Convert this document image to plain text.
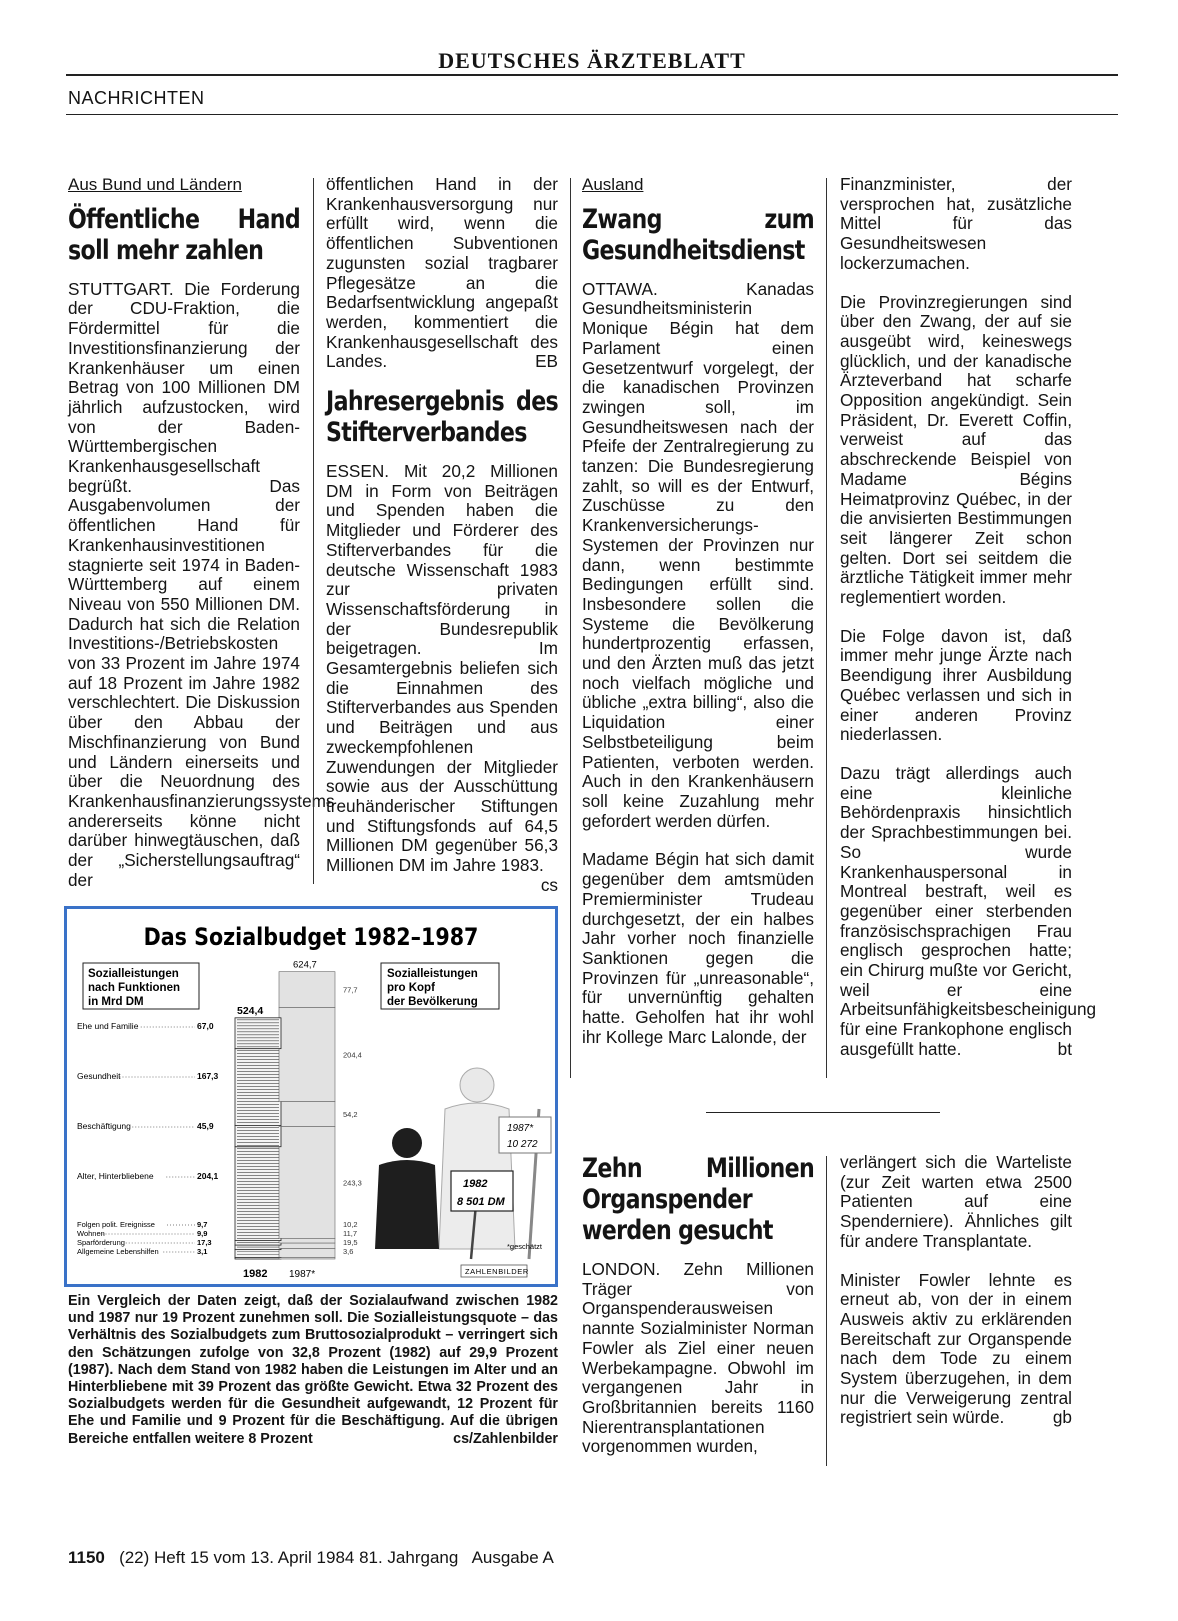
DEUTSCHES ÄRZTEBLATT
NACHRICHTEN
Aus Bund und Ländern
Öffentliche Hand soll mehr zahlen

STUTTGART. Die Forderung der CDU-Fraktion, die Fördermittel für die Investitionsfinanzierung der Krankenhäuser um einen Betrag von 100 Millionen DM jährlich aufzustocken, wird von der Baden-Württembergischen Krankenhausgesellschaft begrüßt. Das Ausgabenvolumen der öffentlichen Hand für Krankenhausinvestitionen stagnierte seit 1974 in Baden-Württemberg auf einem Niveau von 550 Millionen DM. Dadurch hat sich die Relation Investitions-/Betriebskosten von 33 Prozent im Jahre 1974 auf 18 Prozent im Jahre 1982 verschlechtert. Die Diskussion über den Abbau der Mischfinanzierung von Bund und Ländern einerseits und über die Neuordnung des Krankenhausfinanzierungssystems andererseits könne nicht darüber hinwegtäuschen, daß der „Sicherstellungsauftrag“ der

öffentlichen Hand in der Krankenhausversorgung nur erfüllt wird, wenn die öffentlichen Subventionen zugunsten sozial tragbarer Pflegesätze an die Bedarfsentwicklung angepaßt werden, kommentiert die Krankenhausgesellschaft des Landes.	EB

Jahresergebnis des Stifterverbandes

ESSEN. Mit 20,2 Millionen DM in Form von Beiträgen und Spenden haben die Mitglieder und Förderer des Stifterverbandes für die deutsche Wissenschaft 1983 zur privaten Wissenschaftsförderung in der Bundesrepublik beigetragen. Im Gesamtergebnis beliefen sich die Einnahmen des Stifterverbandes aus Spenden und Beiträgen und aus zweckempfohlenen Zuwendungen der Mitglieder sowie aus der Ausschüttung treuhänderischer Stiftungen und Stiftungsfonds auf 64,5 Millionen DM gegenüber 56,3 Millionen DM im Jahre 1983.
cs

Ausland
Zwang zum Gesundheitsdienst

OTTAWA. Kanadas Gesundheitsministerin Monique Bégin hat dem Parlament einen Gesetzentwurf vorgelegt, der die kanadischen Provinzen zwingen soll, im Gesundheitswesen nach der Pfeife der Zentralregierung zu tanzen: Die Bundesregierung zahlt, so will es der Entwurf, Zuschüsse zu den Krankenversicherungs-Systemen der Provinzen nur dann, wenn bestimmte Bedingungen erfüllt sind. Insbesondere sollen die Systeme die Bevölkerung hundertprozentig erfassen, und den Ärzten muß das jetzt noch vielfach mögliche und übliche „extra billing“, also die Liquidation einer Selbstbeteiligung beim Patienten, verboten werden. Auch in den Krankenhäusern soll keine Zuzahlung mehr gefordert werden dürfen.

Madame Bégin hat sich damit gegenüber dem amtsmüden Premierminister Trudeau durchgesetzt, der ein halbes Jahr vorher noch finanzielle Sanktionen gegen die Provinzen für „unreasonable“, für unvernünftig gehalten hatte. Geholfen hat ihr wohl ihr Kollege Marc Lalonde, der

Finanzminister, der versprochen hat, zusätzliche Mittel für das Gesundheitswesen lockerzumachen.

Die Provinzregierungen sind über den Zwang, der auf sie ausgeübt wird, keineswegs glücklich, und der kanadische Ärzteverband hat scharfe Opposition angekündigt. Sein Präsident, Dr. Everett Coffin, verweist auf das abschreckende Beispiel von Madame Bégins Heimatprovinz Québec, in der die anvisierten Bestimmungen seit längerer Zeit schon gelten. Dort sei seitdem die ärztliche Tätigkeit immer mehr reglementiert worden.

Die Folge davon ist, daß immer mehr junge Ärzte nach Beendigung ihrer Ausbildung Québec verlassen und sich in einer anderen Provinz niederlassen.

Dazu trägt allerdings auch eine kleinliche Behördenpraxis hinsichtlich der Sprachbestimmungen bei. So wurde Krankenhauspersonal in Montreal bestraft, weil es gegenüber einer sterbenden französischsprachigen Frau englisch gesprochen hatte; ein Chirurg mußte vor Gericht, weil er eine Arbeitsunfähigkeitsbescheinigung für eine Frankophone englisch ausgefüllt hatte.	bt

Zehn Millionen Organspender werden gesucht

LONDON. Zehn Millionen Träger von Organspenderausweisen nannte Sozialminister Norman Fowler als Ziel einer neuen Werbekampagne. Obwohl im vergangenen Jahr in Großbritannien bereits 1160 Nierentransplantationen vorgenommen wurden,

verlängert sich die Warteliste (zur Zeit warten etwa 2500 Patienten auf eine Spenderniere). Ähnliches gilt für andere Transplantate.

Minister Fowler lehnte es erneut ab, von der in einem Ausweis aktiv zu erklärenden Bereitschaft zur Organspende nach dem Tode zu einem System überzugehen, in dem nur die Verweigerung zentral registriert sein würde.	gb

Das Sozialbudget 1982–1987
Sozialleistungen
nach Funktionen
in Mrd DM
Sozialleistungen
pro Kopf
der Bevölkerung
Allgemeine Lebenshilfen	3,1	3,6
Sparförderung	17,3	19,5
Wohnen	9,9	11,7
Folgen polit. Ereignisse	9,7	10,2
Alter, Hinterbliebene	204,1
243,3
Beschäftigung	45,9
54,2
Gesundheit	167,3
204,4
Ehe und Familie	67,0
77,7
524,4
624,7
1987*
10 272
1982
8 501 DM
1982 1987*
*geschätzt
ZAHLENBILDER
Ein Vergleich der Daten zeigt, daß der Sozialaufwand zwischen 1982 und 1987 nur 19 Prozent zunehmen soll. Die Sozialleistungsquote – das Verhältnis des Sozialbudgets zum Bruttosozialprodukt – verringert sich den Schätzungen zufolge von 32,8 Prozent (1982) auf 29,9 Prozent (1987). Nach dem Stand von 1982 haben die Leistungen im Alter und an Hinterbliebene mit 39 Prozent das größte Gewicht. Etwa 32 Prozent des Sozialbudgets werden für die Gesundheit aufgewandt, 12 Prozent für Ehe und Familie und 9 Prozent für die Beschäftigung. Auf die übrigen Bereiche entfallen weitere 8 Prozent	cs/Zahlenbilder
1150 (22) Heft 15 vom 13. April 1984 81. Jahrgang Ausgabe A
